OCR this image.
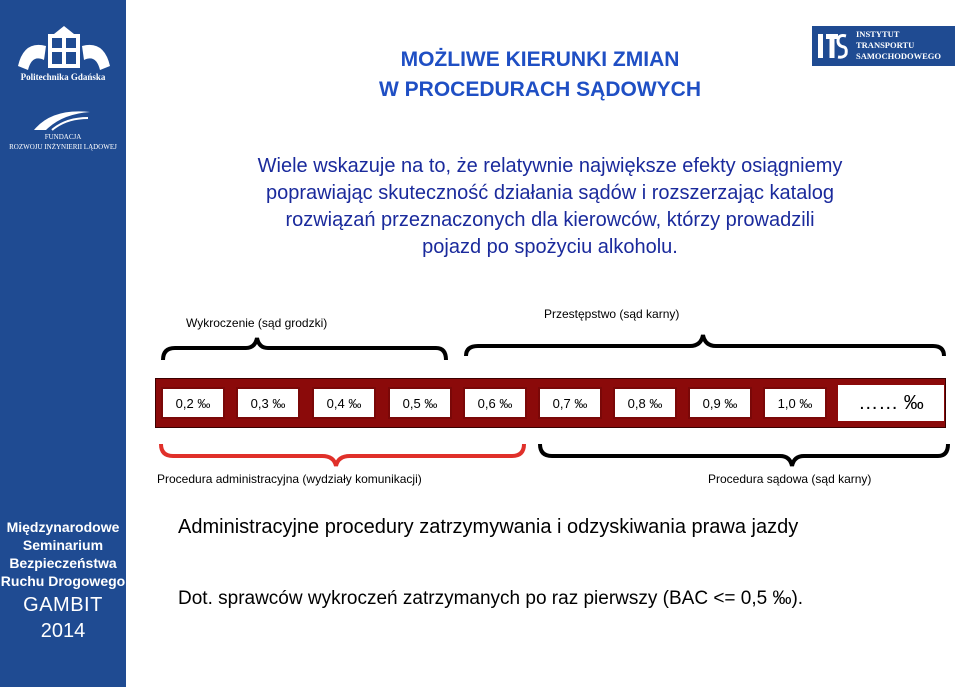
Politechnika Gdańska
FUNDACJA
ROZWOJU INŻYNIERII LĄDOWEJ
Międzynarodowe
Seminarium
Bezpieczeństwa
Ruchu Drogowego
GAMBIT
2014
INSTYTUT
TRANSPORTU
SAMOCHODOWEGO
MOŻLIWE KIERUNKI ZMIAN
W PROCEDURACH SĄDOWYCH
Wiele wskazuje na to, że relatywnie największe efekty osiągniemy
poprawiając skuteczność działania sądów i rozszerzając katalog
rozwiązań przeznaczonych dla kierowców, którzy prowadzili
pojazd po spożyciu alkoholu.
Wykroczenie (sąd grodzki)
Przestępstwo (sąd karny)
0,2 ‰	0,3 ‰	0,4 ‰	0,5 ‰	0,6 ‰	0,7 ‰	0,8 ‰	0,9 ‰	1,0 ‰	…… ‰
Procedura administracyjna (wydziały komunikacji)	Procedura sądowa (sąd karny)
Administracyjne procedury zatrzymywania i odzyskiwania prawa jazdy
Dot. sprawców wykroczeń zatrzymanych po raz pierwszy (BAC <= 0,5 ‰).
